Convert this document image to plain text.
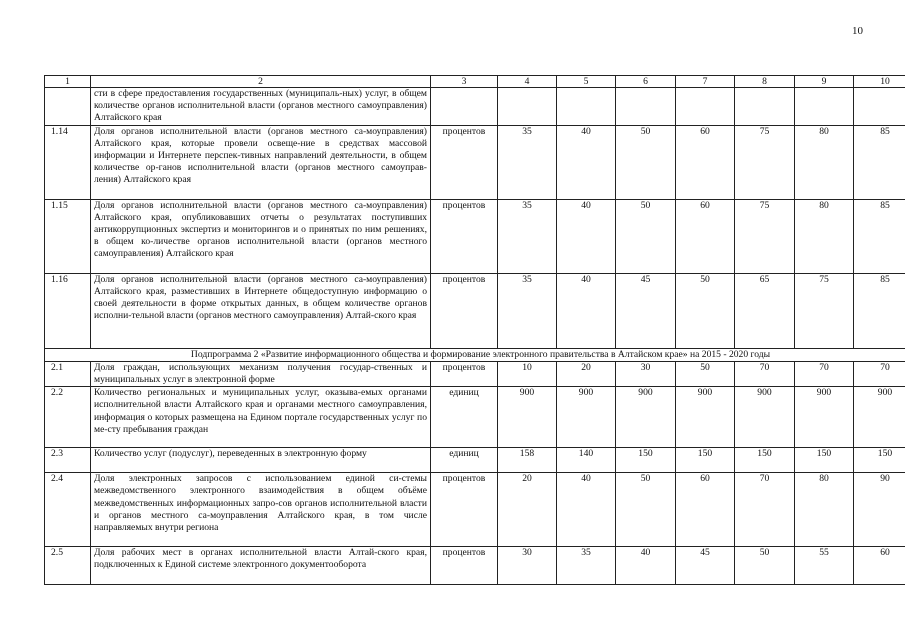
10
1	2	3	4	5	6	7	8	9	10
	сти в сфере предоставления государственных (муниципаль-ных) услуг, в общем количестве органов исполнительной власти (органов местного самоуправления) Алтайского края								
1.14	Доля органов исполнительной власти (органов местного са-моуправления) Алтайского края, которые провели освеще-ние в средствах массовой информации и Интернете перспек-тивных направлений деятельности, в общем количестве ор-ганов исполнительной власти (органов местного самоуправ-ления) Алтайского края	процентов	35	40	50	60	75	80	85
1.15	Доля органов исполнительной власти (органов местного са-моуправления) Алтайского края, опубликовавших отчеты о результатах поступивших антикоррупционных экспертиз и мониторингов и о принятых по ним решениях, в общем ко-личестве органов исполнительной власти (органов местного самоуправления) Алтайского края	процентов	35	40	50	60	75	80	85
1.16	Доля органов исполнительной власти (органов местного са-моуправления) Алтайского края, разместивших в Интернете общедоступную информацию о своей деятельности в форме открытых данных, в общем количестве органов исполни-тельной власти (органов местного самоуправления) Алтай-ского края	процентов	35	40	45	50	65	75	85
Подпрограмма 2 «Развитие информационного общества и формирование электронного правительства в Алтайском крае» на 2015 - 2020 годы									
2.1	Доля граждан, использующих механизм получения государ-ственных и муниципальных услуг в электронной форме	процентов	10	20	30	50	70	70	70
2.2	Количество региональных и муниципальных услуг, оказыва-емых органами исполнительной власти Алтайского края и органами местного самоуправления, информация о которых размещена на Едином портале государственных услуг по ме-сту пребывания граждан	единиц	900	900	900	900	900	900	900
2.3	Количество услуг (подуслуг), переведенных в электронную форму	единиц	158	140	150	150	150	150	150
2.4	Доля электронных запросов с использованием единой си-стемы межведомственного электронного взаимодействия в общем объёме межведомственных информационных запро-сов органов исполнительной власти и органов местного са-моуправления Алтайского края, в том числе направляемых внутри региона	процентов	20	40	50	60	70	80	90
2.5	Доля рабочих мест в органах исполнительной власти Алтай-ского края, подключенных к Единой системе электронного документооборота	процентов	30	35	40	45	50	55	60
